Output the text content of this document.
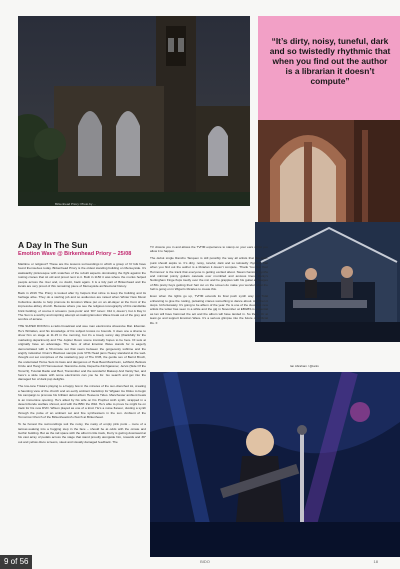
Birkenhead Priory: Photo by …
“It’s dirty, noisy, tuneful, dark and so twistedly rhythmic that when you find out the author is a librarian it doesn’t compute”
A Day In The Sun
Emotion Wave @ Birkenhead Priory – 25/08

Maritime or religious? These are the lessons surroundings in which a group of ‘lit’ folk have found themselves today. Birkenhead Priory is the oldest standing building on Merseyside. It’s awkwardly picturesque with snatches of the rebuilt aspects dominating the fight against the rusting cranes that sit old and proud next to it. Built in 1150 it was where the monks helped people across the river and, no doubt, back again. It is a tidy part of Birkenhead and the locals are very proud of this remaining piece of Merseyside architectural history.

Back in 2016 The Priory is looked after by helpers that strive to keep the building and its heritage alive. They do a sterling job and so audiences are raised when Winter New Music Collective decide to help promote its Emotion Wave put on an all-dayer at the front of the impressive abbey church. Because where you see the religious iconography of this candlelike brick building, of course it screams ‘post-punk’ and ‘DIY tunes’. Did it, doesn’t, but A Day In The Sun is a worthy and inspiring attempt at making Emotion Wave break out of the grey and sombre of arcane.

THE SUPER ROOM is a radio broadcast and wee man electronica obsessive Mat. Ebenian. He’s Wirralian, and his knowledge of his subject knows no bounds. It does one a shame to show him on stage at 11.15 in the morning, but it’s a lovely sunny day (thankfully for the marketing department) and The Jupiter Room scene ironically hopes to be here. Dl sets at originally have an advantage. The fans of what Emotion Wave stands for is eagerly demonstrated with a 50-minute set that veers between the gorgeously sublime and the angrily industrial. Drum’s Blackout sample puts VHS Head jams Heavy standard at the well-thought out set comprises of the scattering pop of The KVB, the gentle sex of Bernd Bruch, the underrated Horse Sets its bass and dangerous of Heat Beat Mannheim, Leftfield, Bellows Circle and Hang Of Homosexual. Stammbe-Jutta, Depeche-Kirchgassner, Jervis (Side Of the Tonal 9), Tutorial Radio and Bed, Transmitter and the wonderful Makeup And Vanity Set, and here’s a wide stasis with some electronics can you be for. Go search and get into the damaged fun of dark pop delights.

The low-tone Triska’s playing to a happy few in the minutes of the sun-drenched lot, creating a haunting view of the church and an eerily ambient backdrop for Wigaan Ice Disko to begin his campaign to promote his brilliant debut album Heavens Tides. Manchester ambient beats is an immersive opening. He’s allied by his wife on his Prophet sixth synth, wrapped in a desert-blonde warfare shroud, and with the BBC the Wild. He’s able to prove he might be on track for his new DVD. Wilson played as one of a kind. He’s a noise flaneur, dusting a synth through the pulse of an ambient set and fine synthesisers in the sun. Ambient of the Tomorrow Church of the Birkenhead-ish church at Birkenhead.

To be honest the surroundings suit the noisy, the nasty of empty pink punk – more of a tarmac-soaking into a hugging step in the face – should be at odds with the ornate and Gothic building. But as the rail space with the album’s title track, Dorry is gazing downward at his vast array of pedals across the stage that stand proudly alongside him, towards and 39° out and yellow disco screens, sleek and visually damaged feedback. The

TV drowns you in and allows the TVHM experience to stamp on your ears whilst you allow it to happen.

The debut single Rancho Tanquen is still possibly the way all artists that like post-punk should aspire to. It’s dirty, noisy, tuneful, dark and so twistedly rhythmic that when you find out the author is a librarian it doesn’t compute. ‘Thank You Not Your Hormones’ is the track that everyone is getting excited about. Steam hammer synths and minimal pointy guitars cascade over mumbled and anxious lines. Dorky’s Nottingham fringe flops loudly over the mic and he grapples with his guitar as images of 80s pretty boys getting their hair cut on the screen do make you wonder what the hell is going on in Wigan’s libraries to create this.

Even when the lights go up, TVHM extends its final push synth way out Tidal enhancing to give the rusting, pulsating cranes something to dance about. And then it stops. Unfortunately. It’s going to be album of the year. He is one of the cleverest new artists the writer has seen in a while and the gig in November at EBGBS is essential as Ian will have hammed the act and the album will have landed in. So there. Or at least go and support Emotion Wave. It’s a serious glimpse into the future of artificial life. F

Ian Abraham / @iantx
9 of 56	BIDO	18
